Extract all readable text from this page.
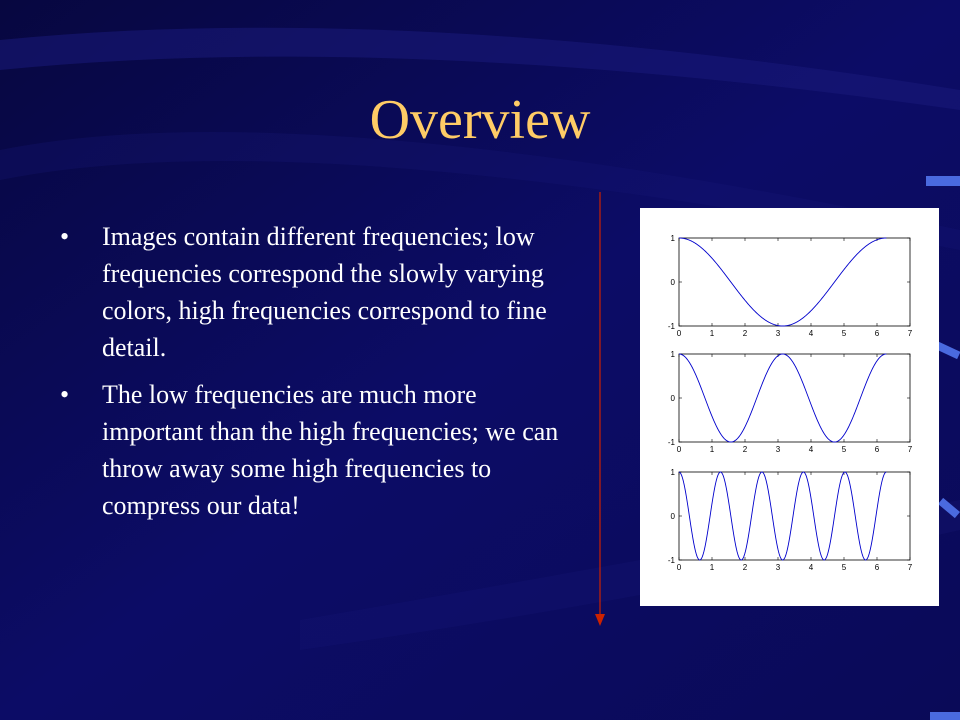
Overview
• Images contain different frequencies; low frequencies correspond the slowly varying colors, high frequencies correspond to fine detail.
• The low frequencies are much more important than the high frequencies; we can throw away some high frequencies to compress our data!
0	1	2	3	4	5	6	7
-1
0
1
0	1	2	3	4	5	6	7
-1
0
1
0	1	2	3	4	5	6	7
-1
0
1
